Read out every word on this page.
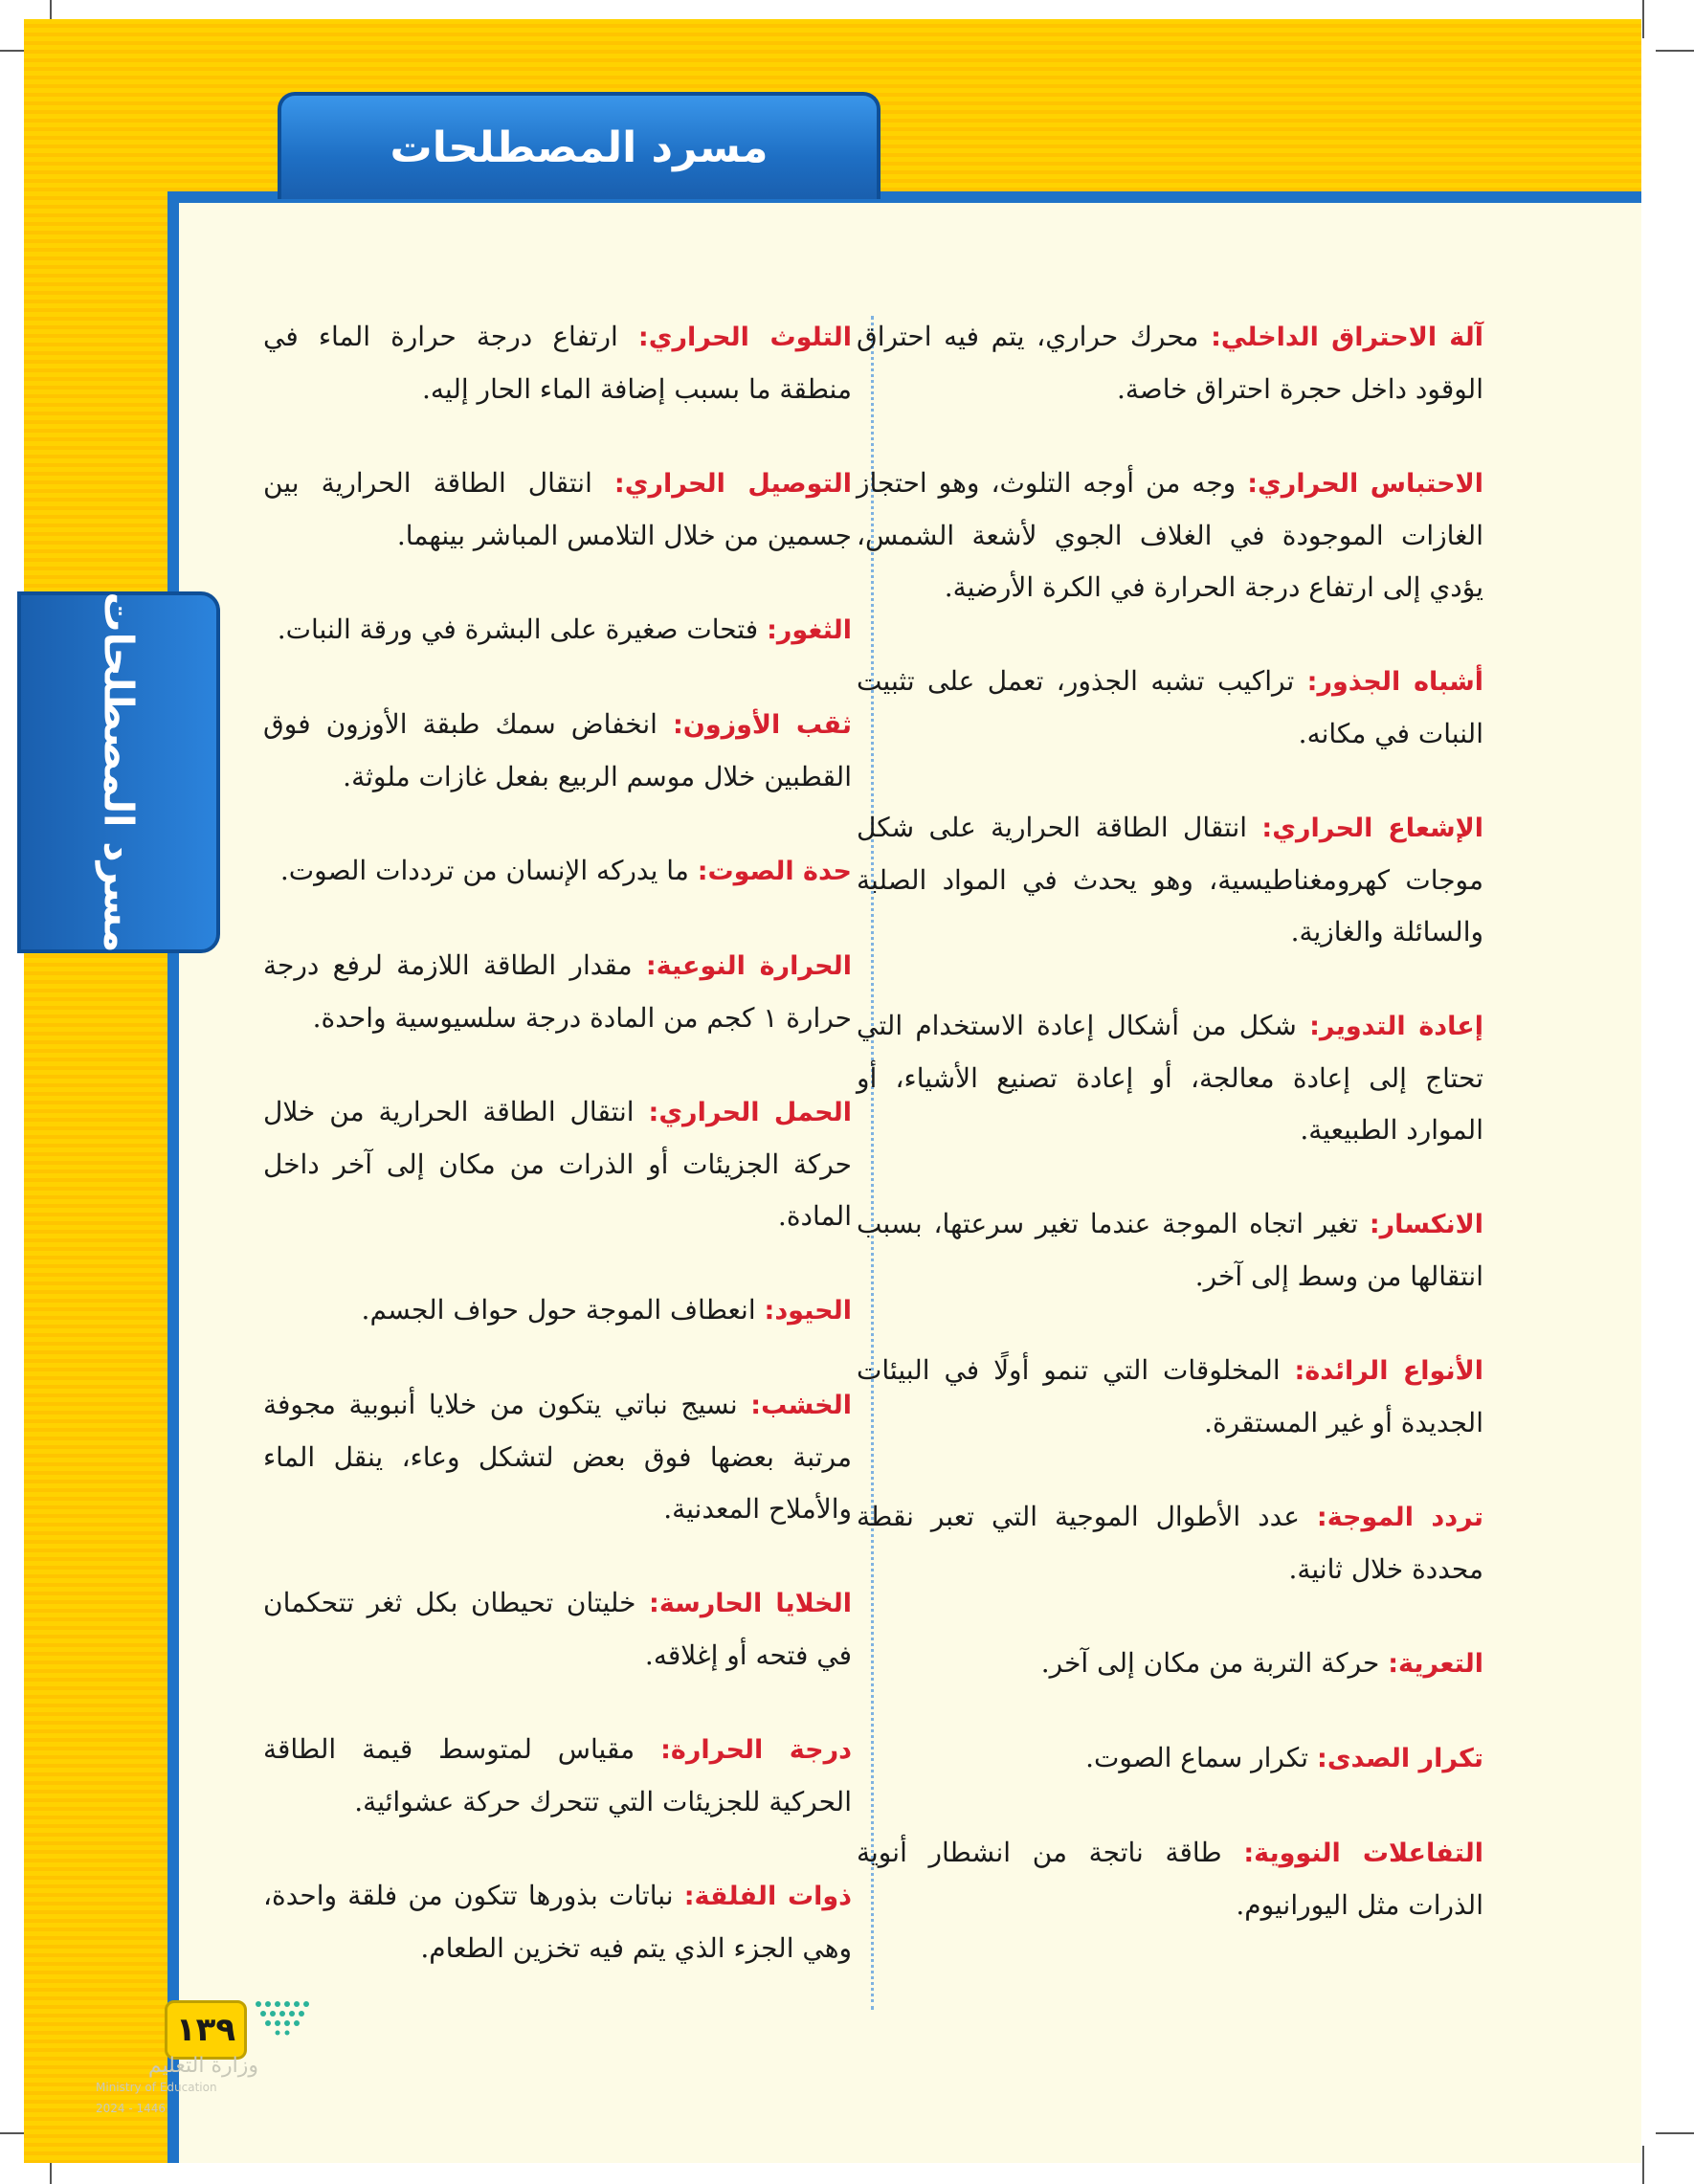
مسرد المصطلحات
مسرد المصطلحات

آلة الاحتراق الداخلي: محرك حراري، يتم فيه احتراق الوقود داخل حجرة احتراق خاصة.

الاحتباس الحراري: وجه من أوجه التلوث، وهو احتجاز الغازات الموجودة في الغلاف الجوي لأشعة الشمس، يؤدي إلى ارتفاع درجة الحرارة في الكرة الأرضية.

أشباه الجذور: تراكيب تشبه الجذور، تعمل على تثبيت النبات في مكانه.

الإشعاع الحراري: انتقال الطاقة الحرارية على شكل موجات كهرومغناطيسية، وهو يحدث في المواد الصلبة والسائلة والغازية.

إعادة التدوير: شكل من أشكال إعادة الاستخدام التي تحتاج إلى إعادة معالجة، أو إعادة تصنيع الأشياء، أو الموارد الطبيعية.

الانكسار: تغير اتجاه الموجة عندما تغير سرعتها، بسبب انتقالها من وسط إلى آخر.

الأنواع الرائدة: المخلوقات التي تنمو أولًا في البيئات الجديدة أو غير المستقرة.

تردد الموجة: عدد الأطوال الموجية التي تعبر نقطة محددة خلال ثانية.

التعرية: حركة التربة من مكان إلى آخر.

تكرار الصدى: تكرار سماع الصوت.

التفاعلات النووية: طاقة ناتجة من انشطار أنوية الذرات مثل اليورانيوم.

التلوث الحراري: ارتفاع درجة حرارة الماء في منطقة ما بسبب إضافة الماء الحار إليه.

التوصيل الحراري: انتقال الطاقة الحرارية بين جسمين من خلال التلامس المباشر بينهما.

الثغور: فتحات صغيرة على البشرة في ورقة النبات.

ثقب الأوزون: انخفاض سمك طبقة الأوزون فوق القطبين خلال موسم الربيع بفعل غازات ملوثة.

حدة الصوت: ما يدركه الإنسان من ترددات الصوت.

الحرارة النوعية: مقدار الطاقة اللازمة لرفع درجة حرارة ١ كجم من المادة درجة سلسيوسية واحدة.

الحمل الحراري: انتقال الطاقة الحرارية من خلال حركة الجزيئات أو الذرات من مكان إلى آخر داخل المادة.

الحيود: انعطاف الموجة حول حواف الجسم.

الخشب: نسيج نباتي يتكون من خلايا أنبوبية مجوفة مرتبة بعضها فوق بعض لتشكل وعاء، ينقل الماء والأملاح المعدنية.

الخلايا الحارسة: خليتان تحيطان بكل ثغر تتحكمان في فتحه أو إغلاقه.

درجة الحرارة: مقياس لمتوسط قيمة الطاقة الحركية للجزيئات التي تتحرك حركة عشوائية.

ذوات الفلقة: نباتات بذورها تتكون من فلقة واحدة، وهي الجزء الذي يتم فيه تخزين الطعام.

١٣٩
وزارة التعليم
Ministry of Education
2024 - 1446
